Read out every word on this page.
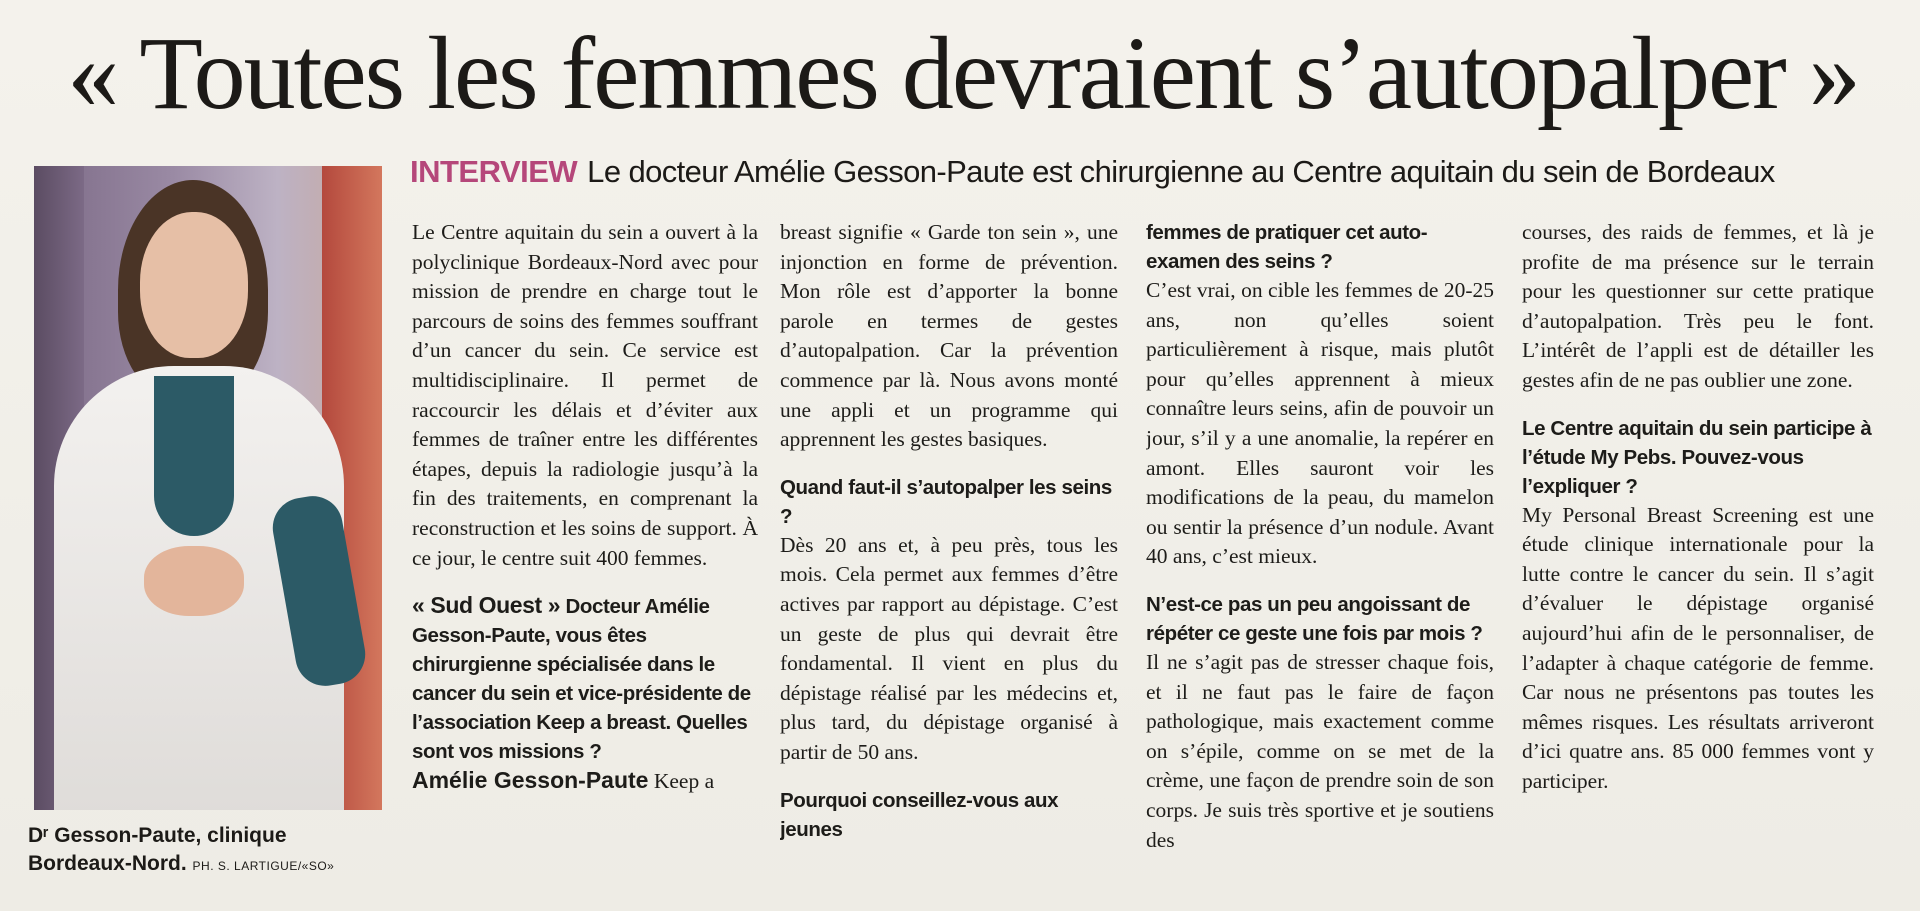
« Toutes les femmes devraient s’autopalper »
Dʳ Gesson-Paute, clinique Bordeaux-Nord. PH. S. LARTIGUE/«SO»
INTERVIEW Le docteur Amélie Gesson-Paute est chirurgienne au Centre aquitain du sein de Bordeaux

Le Centre aquitain du sein a ouvert à la polyclinique Bordeaux-Nord avec pour mission de prendre en charge tout le parcours de soins des femmes souffrant d’un cancer du sein. Ce service est multidisciplinaire. Il permet de raccourcir les délais et d’éviter aux femmes de traîner entre les différentes étapes, depuis la radiologie jusqu’à la fin des traitements, en comprenant la reconstruction et les soins de support. À ce jour, le centre suit 400 femmes.

« Sud Ouest » Docteur Amélie Gesson-Paute, vous êtes chirurgienne spécialisée dans le cancer du sein et vice-présidente de l’association Keep a breast. Quelles sont vos missions ?
Amélie Gesson-Paute Keep a

breast signifie « Garde ton sein », une injonction en forme de prévention. Mon rôle est d’apporter la bonne parole en termes de gestes d’autopalpation. Car la prévention commence par là. Nous avons monté une appli et un programme qui apprennent les gestes basiques.

Quand faut-il s’autopalper les seins ?

Dès 20 ans et, à peu près, tous les mois. Cela permet aux femmes d’être actives par rapport au dépistage. C’est un geste de plus qui devrait être fondamental. Il vient en plus du dépistage réalisé par les médecins et, plus tard, du dépistage organisé à partir de 50 ans.

Pourquoi conseillez-vous aux jeunes
femmes de pratiquer cet auto-examen des seins ?

C’est vrai, on cible les femmes de 20-25 ans, non qu’elles soient particulièrement à risque, mais plutôt pour qu’elles apprennent à mieux connaître leurs seins, afin de pouvoir un jour, s’il y a une anomalie, la repérer en amont. Elles sauront voir les modifications de la peau, du mamelon ou sentir la présence d’un nodule. Avant 40 ans, c’est mieux.

N’est-ce pas un peu angoissant de répéter ce geste une fois par mois ?

Il ne s’agit pas de stresser chaque fois, et il ne faut pas le faire de façon pathologique, mais exactement comme on s’épile, comme on se met de la crème, une façon de prendre soin de son corps. Je suis très sportive et je soutiens des

courses, des raids de femmes, et là je profite de ma présence sur le terrain pour les questionner sur cette pratique d’autopalpation. Très peu le font. L’intérêt de l’appli est de détailler les gestes afin de ne pas oublier une zone.

Le Centre aquitain du sein participe à l’étude My Pebs. Pouvez-vous l’expliquer ?

My Personal Breast Screening est une étude clinique internationale pour la lutte contre le cancer du sein. Il s’agit d’évaluer le dépistage organisé aujourd’hui afin de le personnaliser, de l’adapter à chaque catégorie de femme. Car nous ne présentons pas toutes les mêmes risques. Les résultats arriveront d’ici quatre ans. 85 000 femmes vont y participer.
